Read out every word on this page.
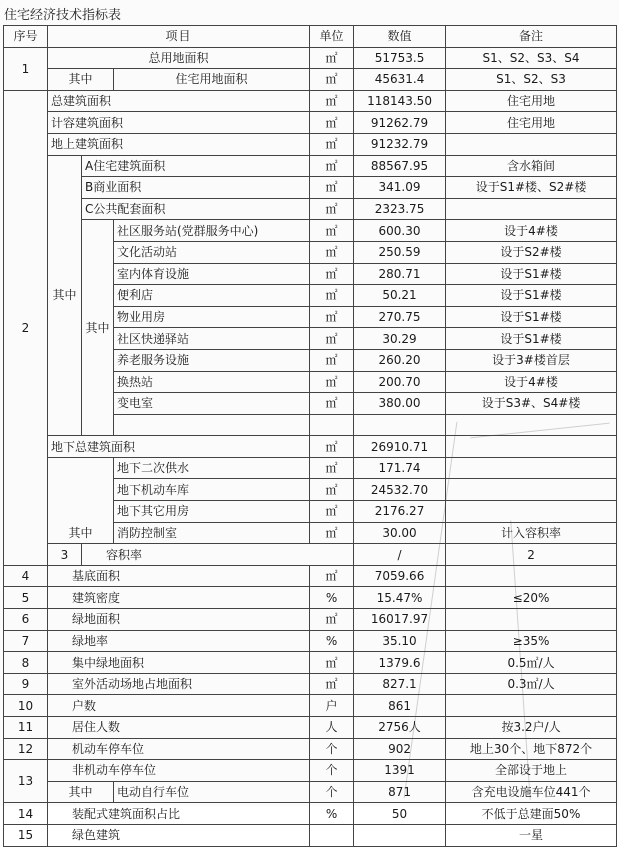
住宅经济技术指标表
序号	项目			单位	数值	备注	
1	总用地面积			㎡	51753.5	S1、S2、S3、S4	
	其中		住宅用地面积	㎡	45631.4	S1、S2、S3	
2	总建筑面积			㎡	118143.50	住宅用地	
	计容建筑面积			㎡	91262.79	住宅用地	
	地上建筑面积			㎡	91232.79		
	其中	A住宅建筑面积		㎡	88567.95	含水箱间	
		B商业面积		㎡	341.09	设于S1#楼、S2#楼	
		C公共配套面积		㎡	2323.75		
		其中	社区服务站(党群服务中心)	㎡	600.30	设于4#楼	
			文化活动站	㎡	250.59	设于S2#楼	
			室内体育设施	㎡	280.71	设于S1#楼	
			便利店	㎡	50.21	设于S1#楼	
			物业用房	㎡	270.75	设于S1#楼	
			社区快递驿站	㎡	30.29	设于S1#楼	
			养老服务设施	㎡	260.20	设于3#楼首层	
			换热站	㎡	200.70	设于4#楼	
			变电室	㎡	380.00	设于S3#、S4#楼	

	地下总建筑面积			㎡	26910.71		
	其中		地下二次供水	㎡	171.74		
			地下机动车库	㎡	24532.70		
			地下其它用房	㎡	2176.27		
			消防控制室	㎡	30.00	计入容积率	
	3	容积率			/	2	
4	基底面积			㎡	7059.66		
5	建筑密度			%	15.47%	≤20%	
6	绿地面积			㎡	16017.97		
7	绿地率			%	35.10	≥35%	
8	集中绿地面积			㎡	1379.6	0.5㎡/人	
9	室外活动场地占地面积			㎡	827.1	0.3㎡/人	
10	户数			户	861		
11	居住人数			人	2756人	按3.2户/人	
12	机动车停车位			个	902	地上30个、地下872个	
13	非机动车停车位			个	1391	全部设于地上	
	其中		电动自行车位	个	871	含充电设施车位441个	
14	装配式建筑面积占比			%	50	不低于总建面50%	
15	绿色建筑					一星	
